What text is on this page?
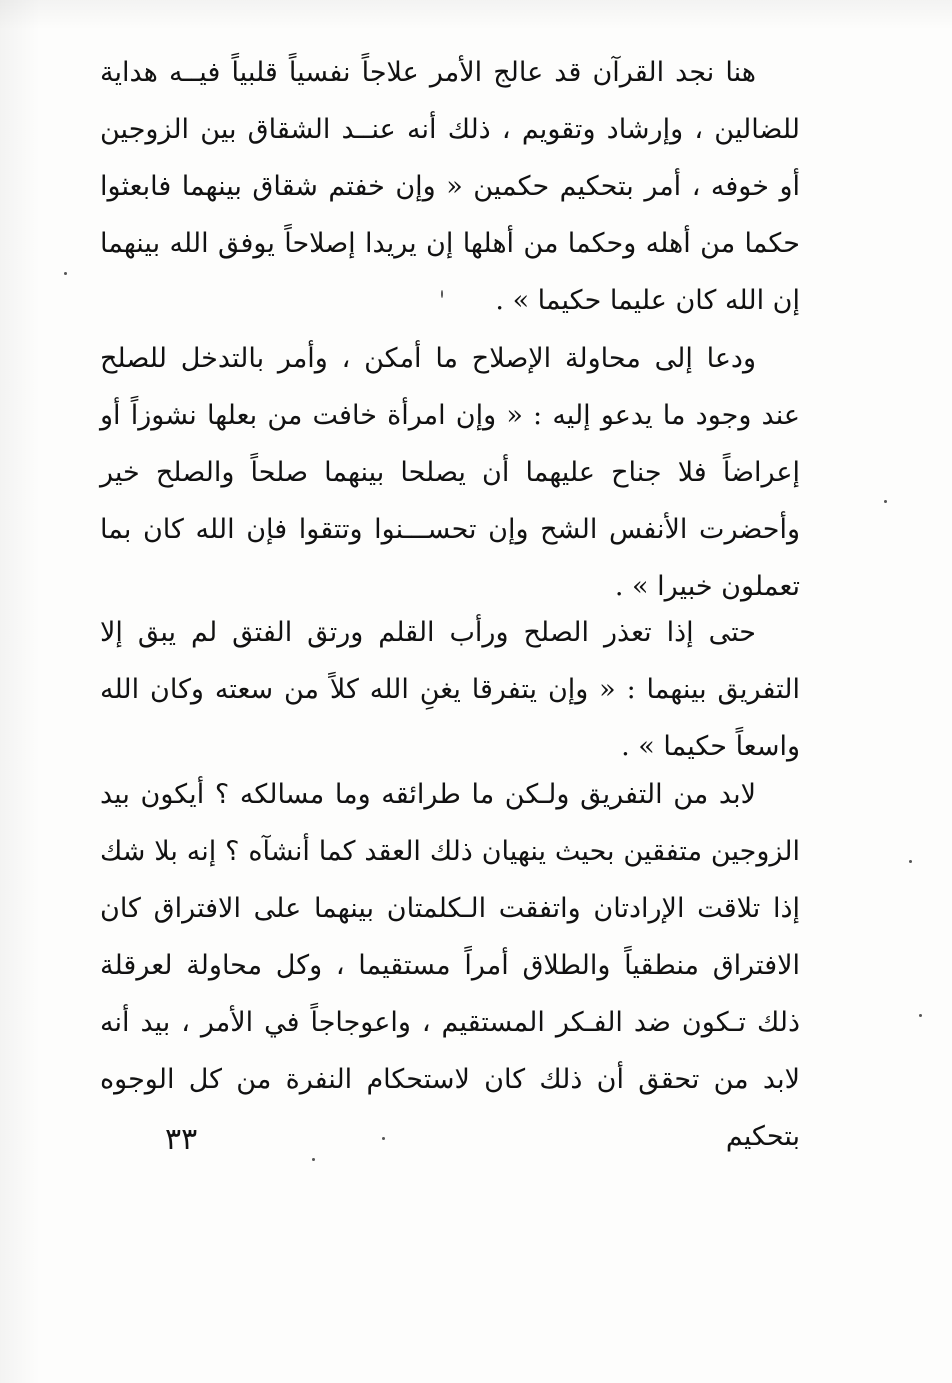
هنا نجد القرآن قد عالج الأمر علاجاً نفسياً قلبياً فيــه هداية للضالين ، وإرشاد وتقويم ، ذلك أنه عنــد الشقاق بين الزوجين أو خوفه ، أمر بتحكيم حكمين « وإن خفتم شقاق بينهما فابعثوا حكما من أهله وحكما من أهلها إن يريدا إصلاحاً يوفق الله بينهما إن الله كان عليما حكيما » .

ودعا إلى محاولة الإصلاح ما أمكن ، وأمر بالتدخل للصلح عند وجود ما يدعو إليه : « وإن امرأة خافت من بعلها نشوزاً أو إعراضاً فلا جناح عليهما أن يصلحا بينهما صلحاً والصلح خير وأحضرت الأنفس الشح وإن تحســـنوا وتتقوا فإن الله كان بما تعملون خبيرا » .

حتى إذا تعذر الصلح ورأب القلم ورتق الفتق لم يبق إلا التفريق بينهما : « وإن يتفرقا يغنِ الله كلاً من سعته وكان الله واسعاً حكيما » .

لابد من التفريق ولـكن ما طرائقه وما مسالكه ؟ أيكون بيد الزوجين متفقين بحيث ينهيان ذلك العقد كما أنشآه ؟ إنه بلا شك إذا تلاقت الإرادتان واتفقت الـكلمتان بينهما على الافتراق كان الافتراق منطقياً والطلاق أمراً مستقيما ، وكل محاولة لعرقلة ذلك تـكون ضد الفـكر المستقيم ، واعوجاجاً في الأمر ، بيد أنه لابد من تحقق أن ذلك كان لاستحكام النفرة من كل الوجوه بتحكيم

٣٣
